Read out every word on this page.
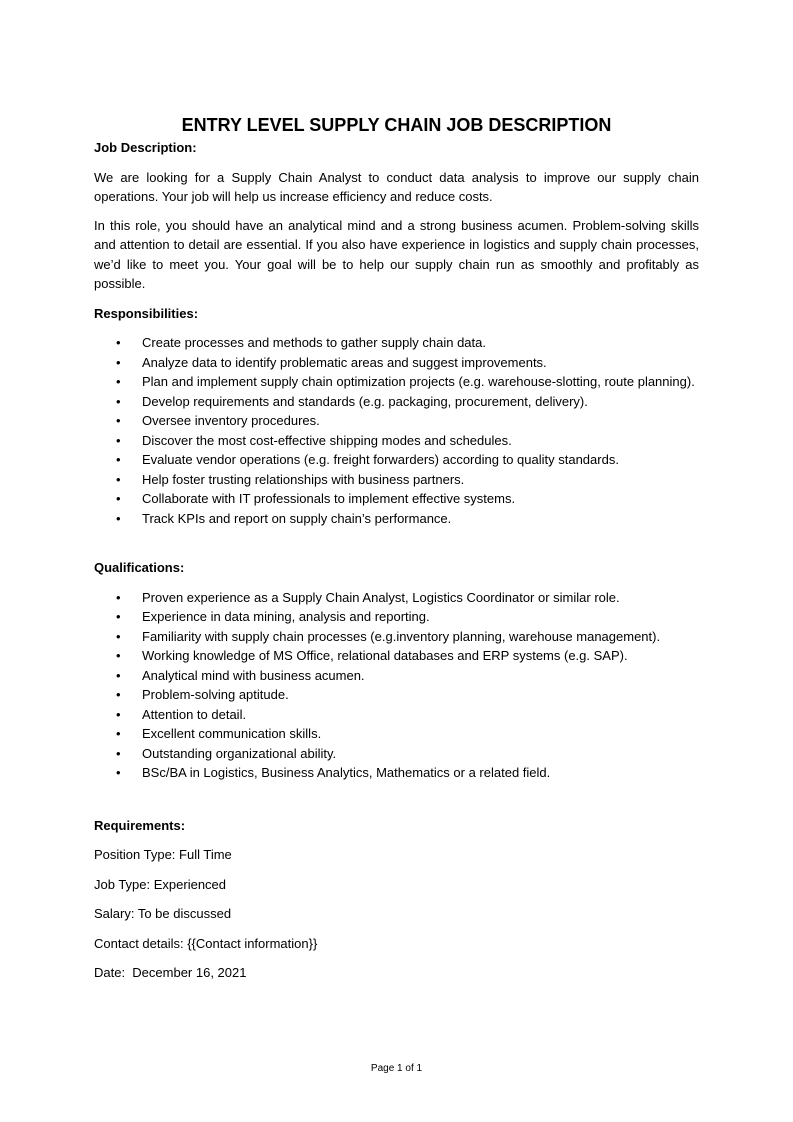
ENTRY LEVEL SUPPLY CHAIN JOB DESCRIPTION

Job Description:

We are looking for a Supply Chain Analyst to conduct data analysis to improve our supply chain operations. Your job will help us increase efficiency and reduce costs.

In this role, you should have an analytical mind and a strong business acumen. Problem-solving skills and attention to detail are essential. If you also have experience in logistics and supply chain processes, we’d like to meet you. Your goal will be to help our supply chain run as smoothly and profitably as possible.

Responsibilities:

• Create processes and methods to gather supply chain data.
• Analyze data to identify problematic areas and suggest improvements.
• Plan and implement supply chain optimization projects (e.g. warehouse-slotting, route planning).
• Develop requirements and standards (e.g. packaging, procurement, delivery).
• Oversee inventory procedures.
• Discover the most cost-effective shipping modes and schedules.
• Evaluate vendor operations (e.g. freight forwarders) according to quality standards.
• Help foster trusting relationships with business partners.
• Collaborate with IT professionals to implement effective systems.
• Track KPIs and report on supply chain’s performance.

Qualifications:

• Proven experience as a Supply Chain Analyst, Logistics Coordinator or similar role.
• Experience in data mining, analysis and reporting.
• Familiarity with supply chain processes (e.g.inventory planning, warehouse management).
• Working knowledge of MS Office, relational databases and ERP systems (e.g. SAP).
• Analytical mind with business acumen.
• Problem-solving aptitude.
• Attention to detail.
• Excellent communication skills.
• Outstanding organizational ability.
• BSc/BA in Logistics, Business Analytics, Mathematics or a related field.

Requirements:

Position Type: Full Time

Job Type: Experienced

Salary: To be discussed

Contact details: {{Contact information}}

Date:  December 16, 2021

Page 1 of 1
